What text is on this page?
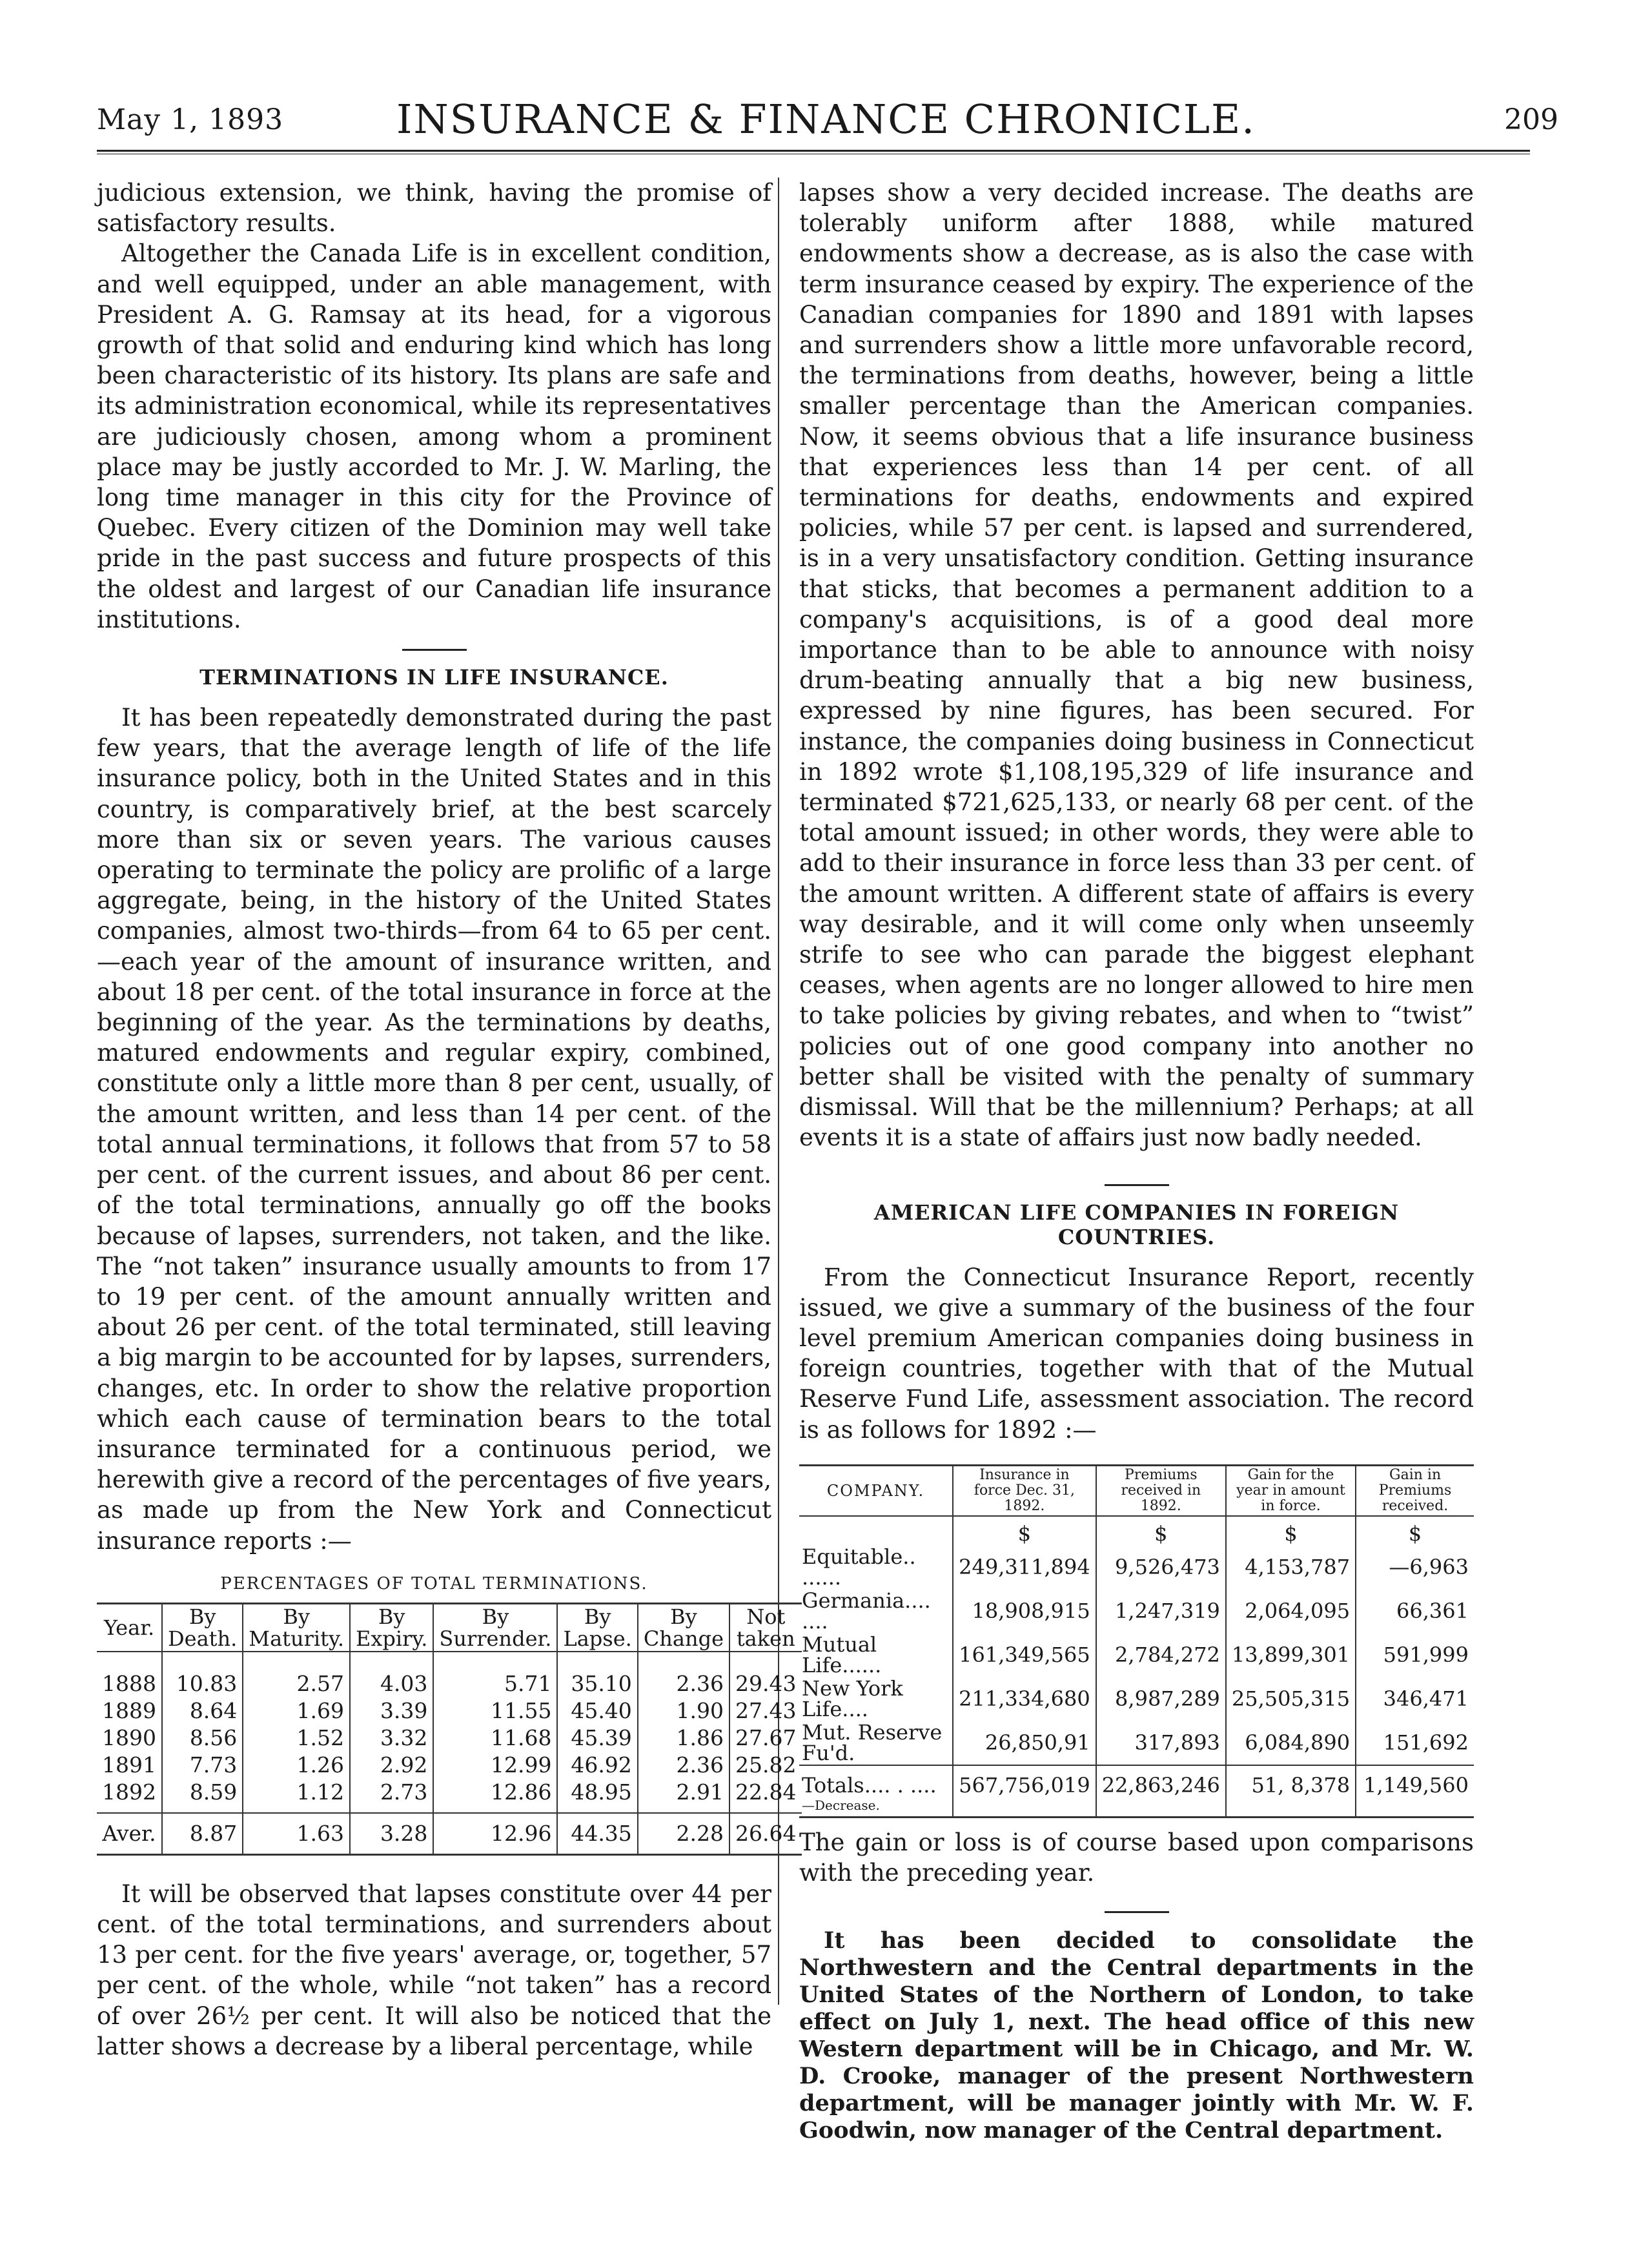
May 1, 1893	INSURANCE & FINANCE CHRONICLE.	209

judicious extension, we think, having the promise of satisfactory results.

Altogether the Canada Life is in excellent condition, and well equipped, under an able management, with President A. G. Ramsay at its head, for a vigorous growth of that solid and enduring kind which has long been characteristic of its history. Its plans are safe and its administration economical, while its representatives are judiciously chosen, among whom a prominent place may be justly accorded to Mr. J. W. Marling, the long time manager in this city for the Province of Quebec. Every citizen of the Dominion may well take pride in the past success and future prospects of this the oldest and largest of our Canadian life insurance institutions.

TERMINATIONS IN LIFE INSURANCE.

It has been repeatedly demonstrated during the past few years, that the average length of life of the life insurance policy, both in the United States and in this country, is comparatively brief, at the best scarcely more than six or seven years. The various causes operating to terminate the policy are prolific of a large aggregate, being, in the history of the United States companies, almost two-thirds—from 64 to 65 per cent.—each year of the amount of insurance written, and about 18 per cent. of the total insurance in force at the beginning of the year. As the terminations by deaths, matured endowments and regular expiry, combined, constitute only a little more than 8 per cent, usually, of the amount written, and less than 14 per cent. of the total annual terminations, it follows that from 57 to 58 per cent. of the current issues, and about 86 per cent. of the total terminations, annually go off the books because of lapses, surrenders, not taken, and the like. The “not taken” insurance usually amounts to from 17 to 19 per cent. of the amount annually written and about 26 per cent. of the total terminated, still leaving a big margin to be accounted for by lapses, surrenders, changes, etc. In order to show the relative proportion which each cause of termination bears to the total insurance terminated for a continuous period, we herewith give a record of the percentages of five years, as made up from the New York and Connecticut insurance reports :—

PERCENTAGES OF TOTAL TERMINATIONS.
Year.	By Death.	By Maturity.	By Expiry.	By Surrender.	By Lapse.	By Change	Not taken
1888	10.83	2.57	4.03	5.71	35.10	2.36	29.43
1889	8.64	1.69	3.39	11.55	45.40	1.90	27.43
1890	8.56	1.52	3.32	11.68	45.39	1.86	27.67
1891	7.73	1.26	2.92	12.99	46.92	2.36	25.82
1892	8.59	1.12	2.73	12.86	48.95	2.91	22.84
Aver.	8.87	1.63	3.28	12.96	44.35	2.28	26.64

It will be observed that lapses constitute over 44 per cent. of the total terminations, and surrenders about 13 per cent. for the five years' average, or, together, 57 per cent. of the whole, while “not taken” has a record of over 26½ per cent. It will also be noticed that the latter shows a decrease by a liberal percentage, while

lapses show a very decided increase. The deaths are tolerably uniform after 1888, while matured endowments show a decrease, as is also the case with term insurance ceased by expiry. The experience of the Canadian companies for 1890 and 1891 with lapses and surrenders show a little more unfavorable record, the terminations from deaths, however, being a little smaller percentage than the American companies. Now, it seems obvious that a life insurance business that experiences less than 14 per cent. of all terminations for deaths, endowments and expired policies, while 57 per cent. is lapsed and surrendered, is in a very unsatisfactory condition. Getting insurance that sticks, that becomes a permanent addition to a company's acquisitions, is of a good deal more importance than to be able to announce with noisy drum-beating annually that a big new business, expressed by nine figures, has been secured. For instance, the companies doing business in Connecticut in 1892 wrote $1,108,195,329 of life insurance and terminated $721,625,133, or nearly 68 per cent. of the total amount issued; in other words, they were able to add to their insurance in force less than 33 per cent. of the amount written. A different state of affairs is every way desirable, and it will come only when unseemly strife to see who can parade the biggest elephant ceases, when agents are no longer allowed to hire men to take policies by giving rebates, and when to “twist” policies out of one good company into another no better shall be visited with the penalty of summary dismissal. Will that be the millennium? Perhaps; at all events it is a state of affairs just now badly needed.

AMERICAN LIFE COMPANIES IN FOREIGN COUNTRIES.

From the Connecticut Insurance Report, recently issued, we give a summary of the business of the four level premium American companies doing business in foreign countries, together with that of the Mutual Reserve Fund Life, assessment association. The record is as follows for 1892 :—

COMPANY.	Insurance in force Dec. 31, 1892.	Premiums received in 1892.	Gain for the year in amount in force.	Gain in Premiums received.
	$	$	$	$
Equitable.. ......	249,311,894	9,526,473	4,153,787	—6,963
Germania.... ....	18,908,915	1,247,319	2,064,095	66,361
Mutual Life......	161,349,565	2,784,272	13,899,301	591,999
New York Life....	211,334,680	8,987,289	25,505,315	346,471
Mut. Reserve Fu'd.	26,850,91	317,893	6,084,890	151,692
Totals.... . ....	567,756,019	22,863,246	51, 8,378	1,149,560
—Decrease.				

The gain or loss is of course based upon comparisons with the preceding year.

It has been decided to consolidate the Northwestern and the Central departments in the United States of the Northern of London, to take effect on July 1, next. The head office of this new Western department will be in Chicago, and Mr. W. D. Crooke, manager of the present Northwestern department, will be manager jointly with Mr. W. F. Goodwin, now manager of the Central department.
